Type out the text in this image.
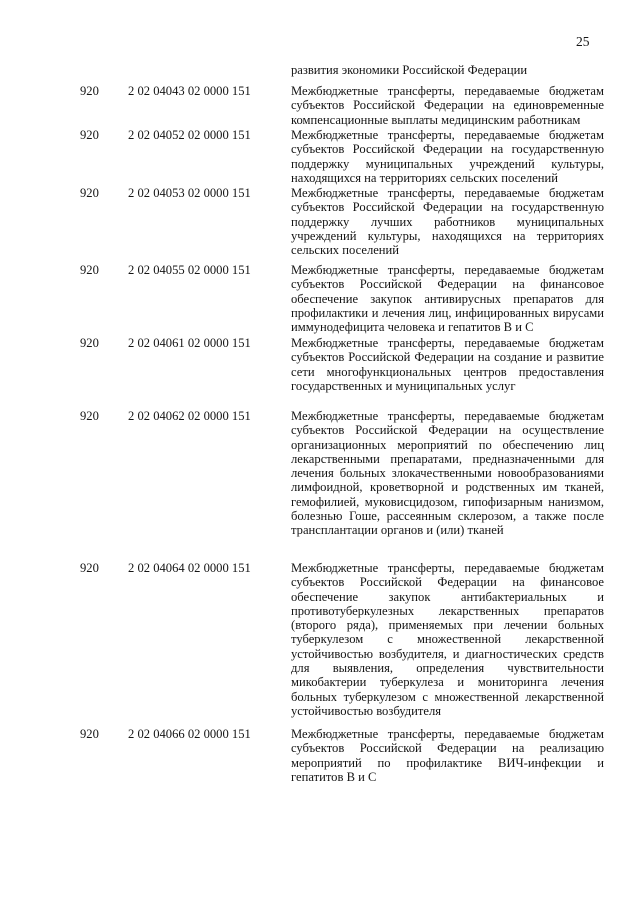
25
развития экономики Российской Федерации
920 2 02 04043 02 0000 151	Межбюджетные трансферты, передаваемые бюджетам субъектов Российской Федерации на единовременные компенсационные выплаты медицинским работникам
920 2 02 04052 02 0000 151	Межбюджетные трансферты, передаваемые бюджетам субъектов Российской Федерации на государственную поддержку муниципальных учреждений культуры, находящихся на территориях сельских поселений
920 2 02 04053 02 0000 151	Межбюджетные трансферты, передаваемые бюджетам субъектов Российской Федерации на государственную поддержку лучших работников муниципальных учреждений культуры, находящихся на территориях сельских поселений
920 2 02 04055 02 0000 151	Межбюджетные трансферты, передаваемые бюджетам субъектов Российской Федерации на финансовое обеспечение закупок антивирусных препаратов для профилактики и лечения лиц, инфицированных вирусами иммунодефицита человека и гепатитов В и С
920 2 02 04061 02 0000 151	Межбюджетные трансферты, передаваемые бюджетам субъектов Российской Федерации на создание и развитие сети многофункциональных центров предоставления государственных и муниципальных услуг
920 2 02 04062 02 0000 151	Межбюджетные трансферты, передаваемые бюджетам субъектов Российской Федерации на осуществление организационных мероприятий по обеспечению лиц лекарственными препаратами, предназначенными для лечения больных злокачественными новообразованиями лимфоидной, кроветворной и родственных им тканей, гемофилией, муковисцидозом, гипофизарным нанизмом, болезнью Гоше, рассеянным склерозом, а также после трансплантации органов и (или) тканей
920 2 02 04064 02 0000 151	Межбюджетные трансферты, передаваемые бюджетам субъектов Российской Федерации на финансовое обеспечение закупок антибактериальных и противотуберкулезных лекарственных препаратов (второго ряда), применяемых при лечении больных туберкулезом с множественной лекарственной устойчивостью возбудителя, и диагностических средств для выявления, определения чувствительности микобактерии туберкулеза и мониторинга лечения больных туберкулезом с множественной лекарственной устойчивостью возбудителя
920 2 02 04066 02 0000 151	Межбюджетные трансферты, передаваемые бюджетам субъектов Российской Федерации на реализацию мероприятий по профилактике ВИЧ-инфекции и гепатитов В и С
